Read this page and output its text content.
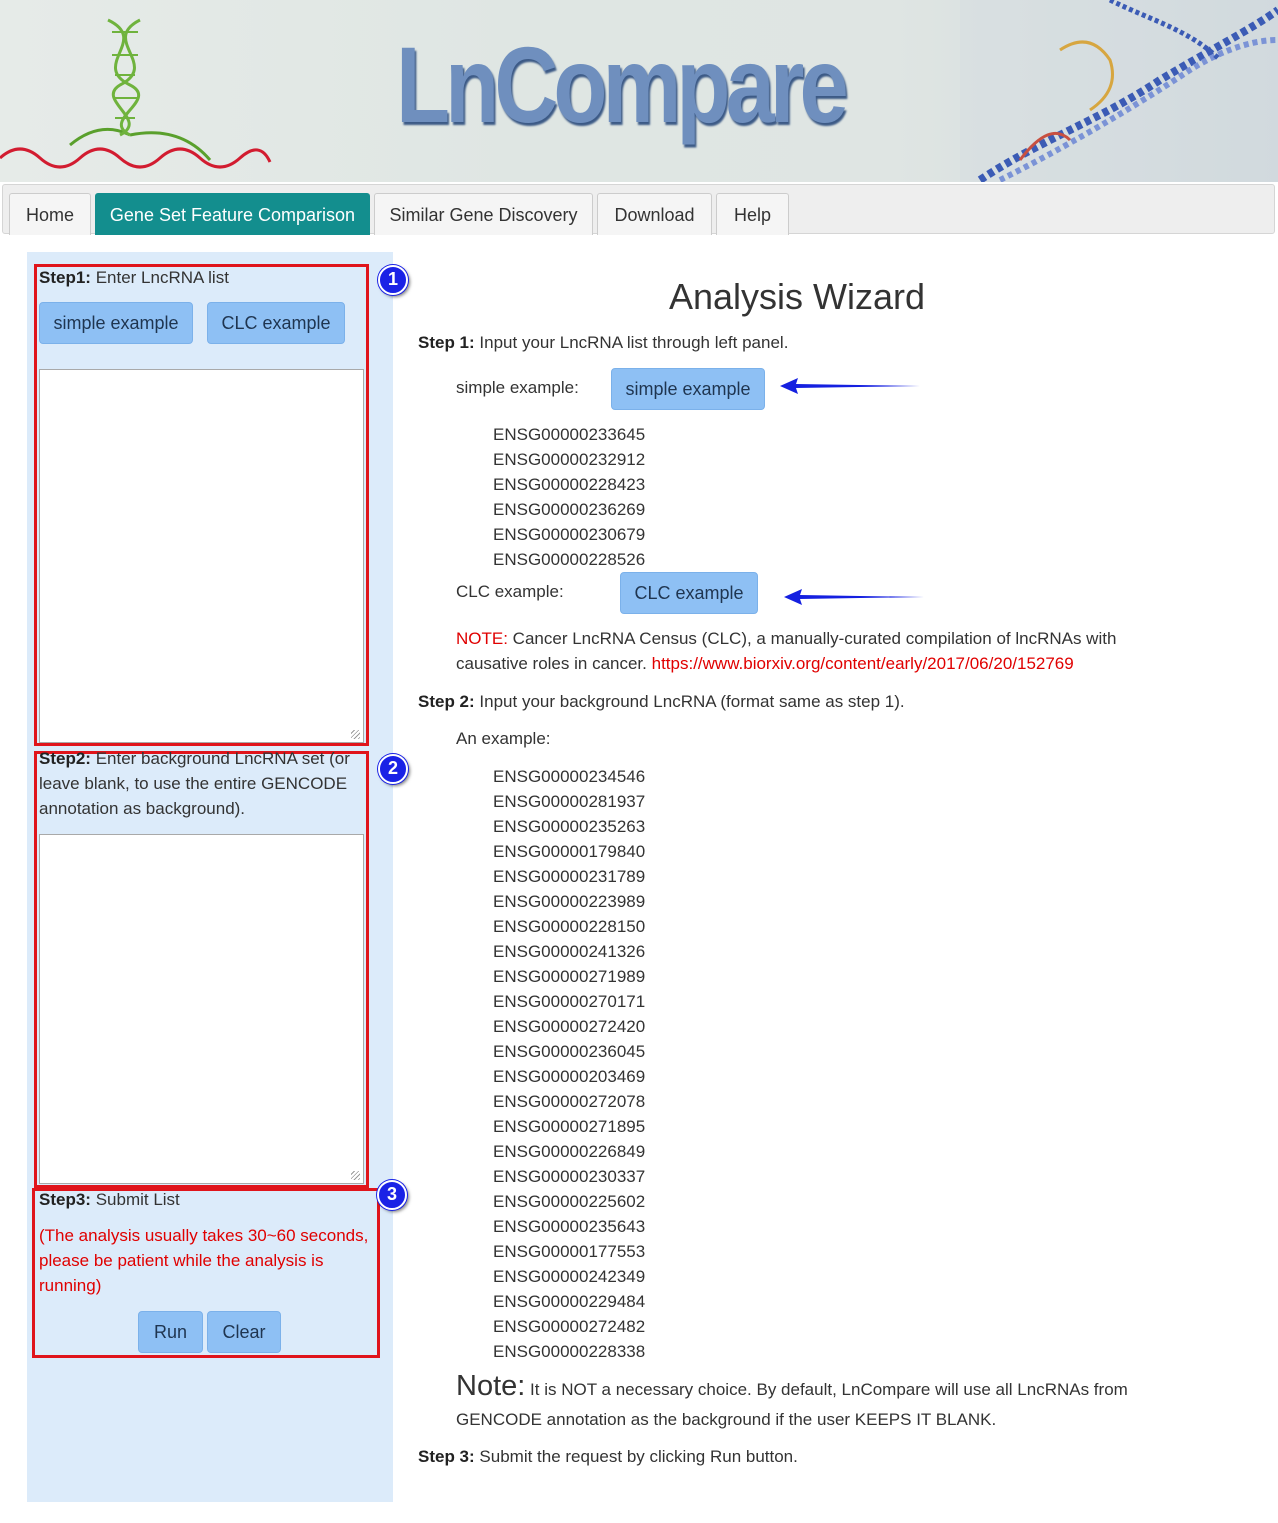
LnCompare
Home	Gene Set Feature Comparison	Similar Gene Discovery	Download	Help
Step1: Enter LncRNA list
simple example	CLC example
1
Step2: Enter background LncRNA set (or leave blank, to use the entire GENCODE annotation as background).
2
Step3: Submit List
(The analysis usually takes 30~60 seconds, please be patient while the analysis is running)
Run	Clear
3
Analysis Wizard
Step 1: Input your LncRNA list through left panel.
simple example:	simple example
ENSG00000233645
ENSG00000232912
ENSG00000228423
ENSG00000236269
ENSG00000230679
ENSG00000228526
CLC example:	CLC example
NOTE: Cancer LncRNA Census (CLC), a manually-curated compilation of lncRNAs with
causative roles in cancer. https://www.biorxiv.org/content/early/2017/06/20/152769
Step 2: Input your background LncRNA (format same as step 1).
An example:
ENSG00000234546
ENSG00000281937
ENSG00000235263
ENSG00000179840
ENSG00000231789
ENSG00000223989
ENSG00000228150
ENSG00000241326
ENSG00000271989
ENSG00000270171
ENSG00000272420
ENSG00000236045
ENSG00000203469
ENSG00000272078
ENSG00000271895
ENSG00000226849
ENSG00000230337
ENSG00000225602
ENSG00000235643
ENSG00000177553
ENSG00000242349
ENSG00000229484
ENSG00000272482
ENSG00000228338
Note: It is NOT a necessary choice. By default, LnCompare will use all LncRNAs from
GENCODE annotation as the background if the user KEEPS IT BLANK.
Step 3: Submit the request by clicking Run button.
